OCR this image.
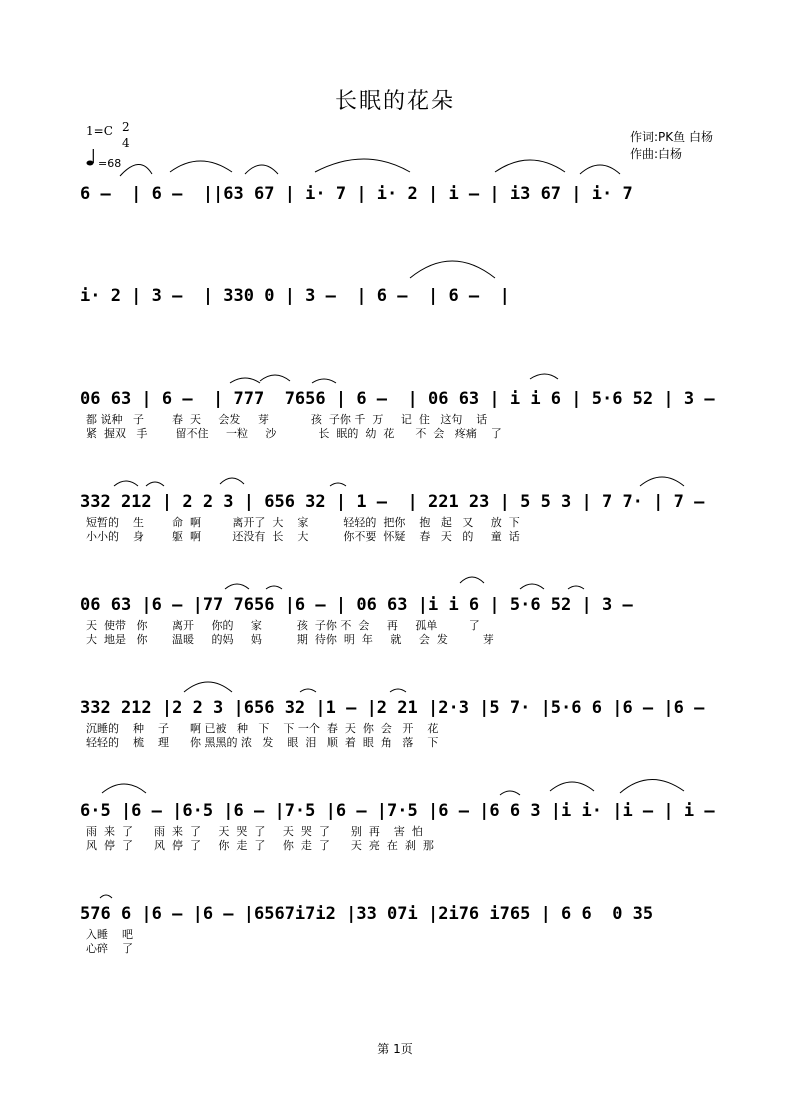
长眠的花朵
1=C 2
4
=68
作词:PK鱼 白杨
作曲:白杨
6 –  | 6 –  ||63 67 | i· 7 | i· 2 | i – | i3 67 | i· 7
i· 2 | 3 –  | 330 0 | 3 –  | 6 –  | 6 –  |
06 63 | 6 –  | 777  7656 | 6 –  | 06 63 | i i 6 | 5·6 52 | 3 –
都 说种   子        春  天     会发     芽            孩  子你 千  万     记  住   这句    话
紧  握双   手        留不住     一粒     沙            长  眠的  幼  花      不  会   疼痛    了
332 212 | 2 2 3 | 656 32 | 1 –  | 221 23 | 5 5 3 | 7 7· | 7 –
短暂的    生        命  啊         离开了  大    家          轻轻的  把你    抱   起   又     放  下
小小的    身        躯  啊         还没有  长    大          你不要  怀疑    春   天   的     童  话
06 63 |6 – |77 7656 |6 – | 06 63 |i i 6 | 5·6 52 | 3 –
天  使带   你       离开     你的     家          孩  子你 不  会     再     孤单         了
大  地是   你       温暖     的妈     妈          期  待你  明  年     就     会  发          芽
332 212 |2 2 3 |656 32 |1 – |2 21 |2·3 |5 7· |5·6 6 |6 – |6 –
沉睡的    种    子      啊 已被   种   下    下 一个  春  天  你  会   开    花
轻轻的    梳    理      你 黑黑的 浓   发    眼  泪   顺  着  眼  角   落    下
6·5 |6 – |6·5 |6 – |7·5 |6 – |7·5 |6 – |6 6 3 |i i· |i – | i –
雨  来  了      雨  来  了     天  哭  了     天  哭  了      别  再    害  怕
风  停  了      风  停  了     你  走  了     你  走  了      天  亮  在  刹  那
576 6 |6 – |6 – |6567i7i2 |33 07i |2i76 i765 | 6 6  0 35
入睡    吧
心碎    了
第 1页
